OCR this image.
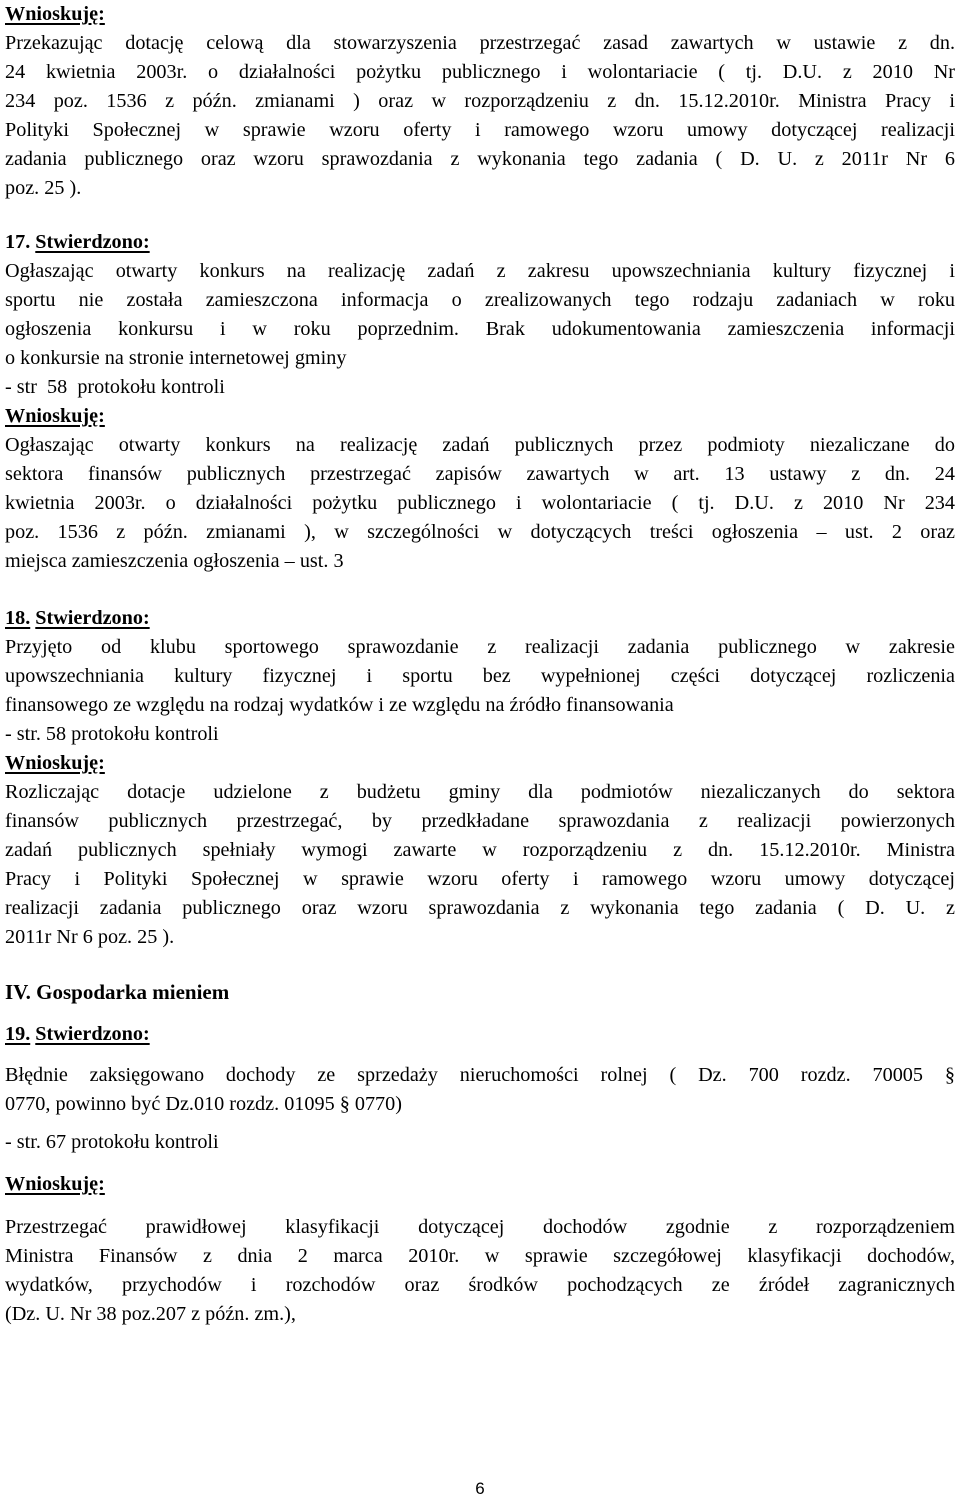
Wnioskuję:
Przekazując dotację celową dla stowarzyszenia przestrzegać zasad zawartych w ustawie z dn.
24 kwietnia 2003r. o działalności pożytku publicznego i wolontariacie ( tj. D.U. z 2010 Nr
234 poz. 1536 z późn. zmianami ) oraz w rozporządzeniu z dn. 15.12.2010r. Ministra Pracy i
Polityki Społecznej w sprawie wzoru oferty i ramowego wzoru umowy dotyczącej realizacji
zadania publicznego oraz wzoru sprawozdania z wykonania tego zadania ( D. U. z 2011r Nr 6
poz. 25 ).
17. Stwierdzono:
Ogłaszając otwarty konkurs na realizację zadań z zakresu upowszechniania kultury fizycznej i
sportu nie została zamieszczona informacja o zrealizowanych tego rodzaju zadaniach w roku
ogłoszenia konkursu i w roku poprzednim. Brak udokumentowania zamieszczenia informacji
o konkursie na stronie internetowej gminy
- str  58  protokołu kontroli
Wnioskuję:
Ogłaszając otwarty konkurs na realizację zadań publicznych przez podmioty niezaliczane do
sektora finansów publicznych przestrzegać zapisów zawartych w art. 13 ustawy z dn. 24
kwietnia 2003r. o działalności pożytku publicznego i wolontariacie ( tj. D.U. z 2010 Nr 234
poz. 1536 z późn. zmianami ), w szczególności w dotyczących treści ogłoszenia – ust. 2 oraz
miejsca zamieszczenia ogłoszenia – ust. 3
18. Stwierdzono:
Przyjęto od klubu sportowego sprawozdanie z realizacji zadania publicznego w zakresie
upowszechniania kultury fizycznej i sportu bez wypełnionej części dotyczącej rozliczenia
finansowego ze względu na rodzaj wydatków i ze względu na źródło finansowania
- str. 58 protokołu kontroli
Wnioskuję:
Rozliczając dotacje udzielone z budżetu gminy dla podmiotów niezaliczanych do sektora
finansów publicznych przestrzegać, by przedkładane sprawozdania z realizacji powierzonych
zadań publicznych spełniały wymogi zawarte w rozporządzeniu z dn. 15.12.2010r. Ministra
Pracy i Polityki Społecznej w sprawie wzoru oferty i ramowego wzoru umowy dotyczącej
realizacji zadania publicznego oraz wzoru sprawozdania z wykonania tego zadania ( D. U. z
2011r Nr 6 poz. 25 ).
IV. Gospodarka mieniem
19. Stwierdzono:
Błędnie zaksięgowano dochody ze sprzedaży nieruchomości rolnej ( Dz. 700 rozdz. 70005 §
0770, powinno być Dz.010 rozdz. 01095 § 0770)
- str. 67 protokołu kontroli
Wnioskuję:
Przestrzegać prawidłowej klasyfikacji dotyczącej dochodów zgodnie z rozporządzeniem
Ministra Finansów z dnia 2 marca 2010r. w sprawie szczegółowej klasyfikacji dochodów,
wydatków, przychodów i rozchodów oraz środków pochodzących ze źródeł zagranicznych
(Dz. U. Nr 38 poz.207 z późn. zm.),
6
